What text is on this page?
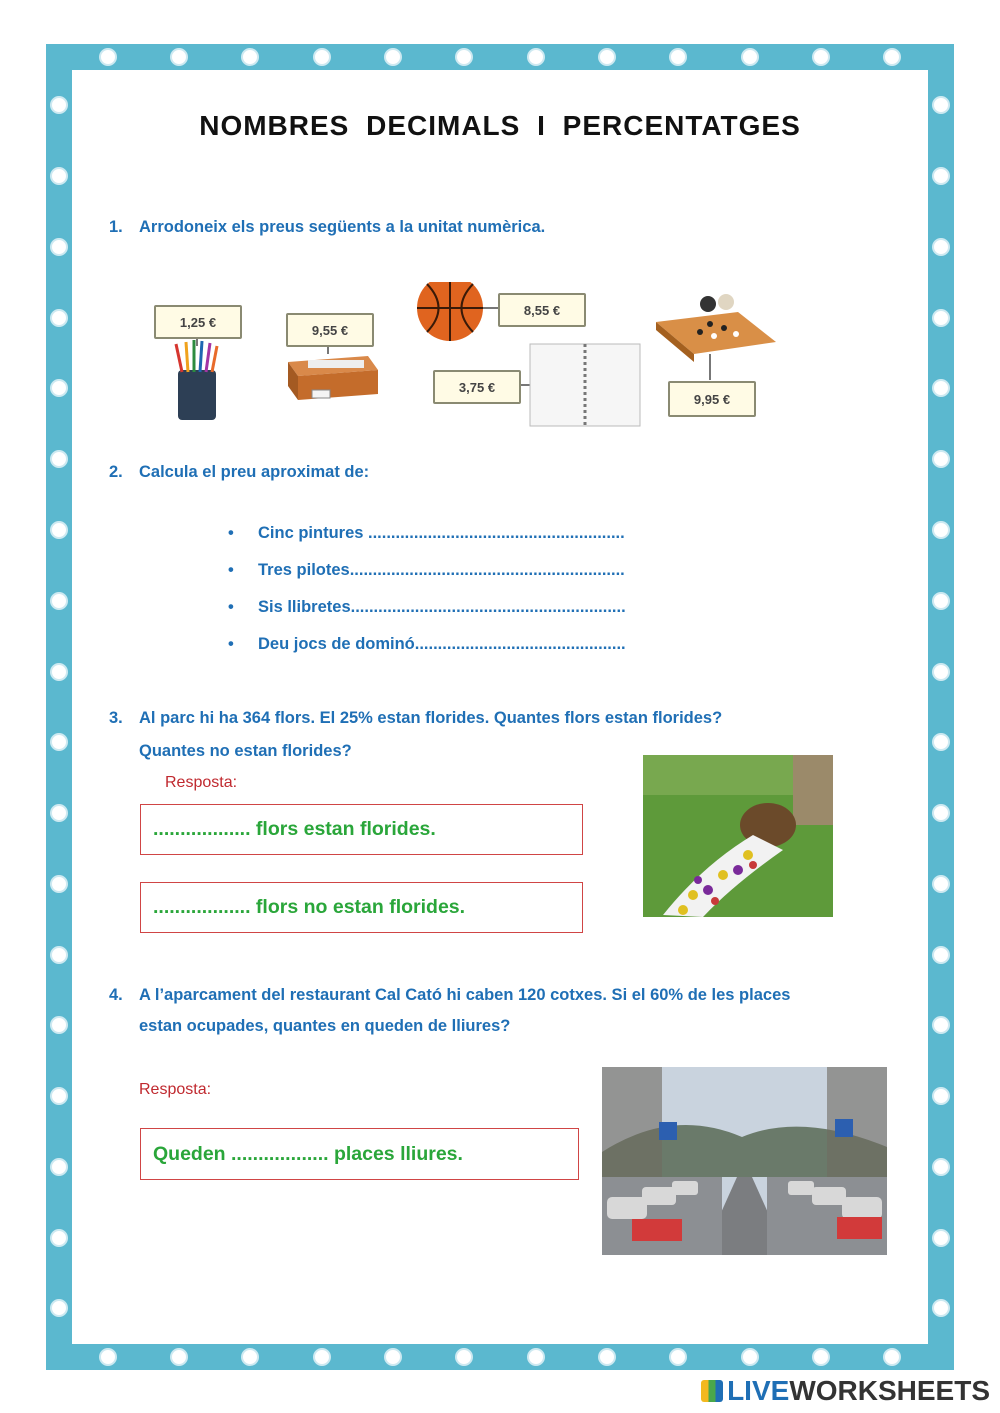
NOMBRES DECIMALS I PERCENTATGES
1. Arrodoneix els preus següents a la unitat numèrica.
1,25 €
9,55 €
8,55 €
3,75 €
9,95 €
2. Calcula el preu aproximat de:
•	Cinc pintures ........................................................
•	Tres pilotes............................................................
•	Sis llibretes............................................................
•	Deu jocs de dominó..............................................
3. Al parc hi ha 364 flors. El 25% estan florides. Quantes flors estan florides?
Quantes no estan florides?
Resposta:
.................. flors estan florides.
.................. flors no estan florides.
4. A l’aparcament del restaurant Cal Cató hi caben 120 cotxes. Si el 60% de les places
estan ocupades, quantes en queden de lliures?
Resposta:
Queden .................. places lliures.
LIVE WORKSHEETS
